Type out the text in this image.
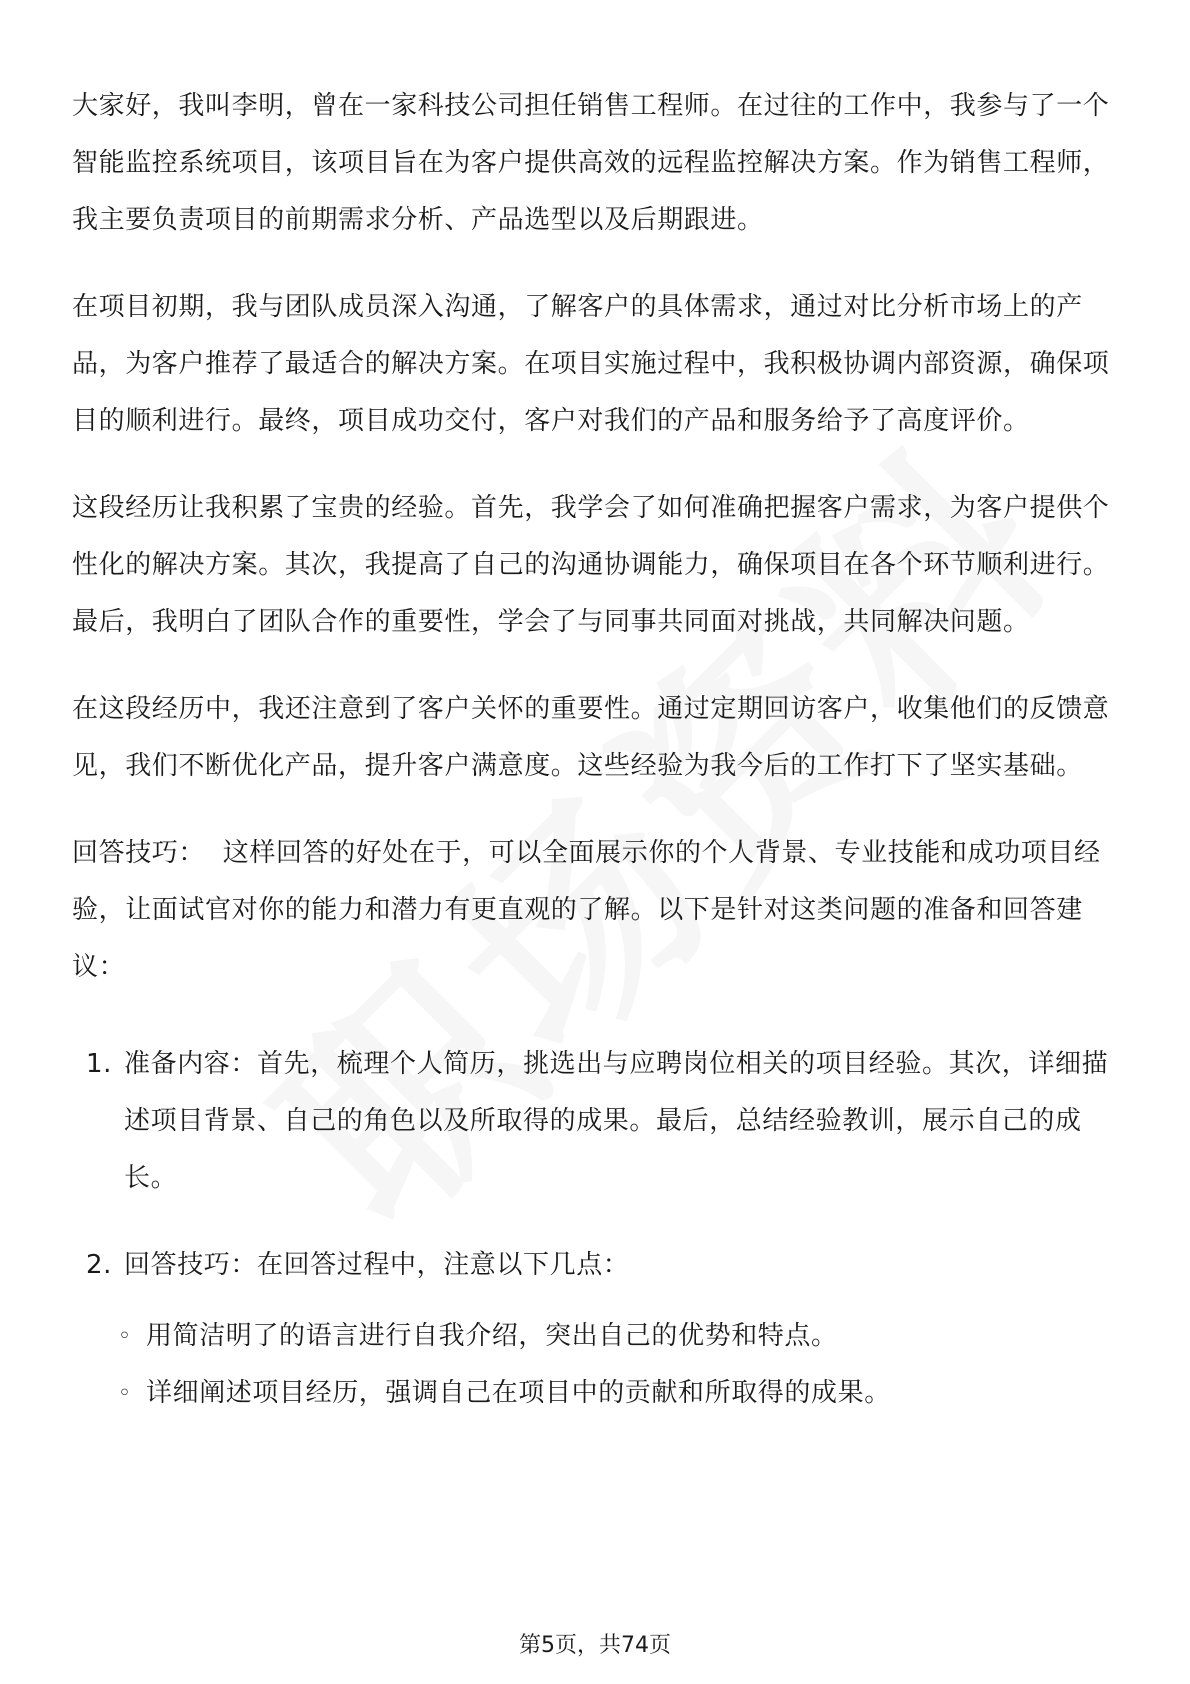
大家好，我叫李明，曾在一家科技公司担任销售工程师。在过往的工作中，我参与了一个智能监控系统项目，该项目旨在为客户提供高效的远程监控解决方案。作为销售工程师，我主要负责项目的前期需求分析、产品选型以及后期跟进。

在项目初期，我与团队成员深入沟通，了解客户的具体需求，通过对比分析市场上的产品，为客户推荐了最适合的解决方案。在项目实施过程中，我积极协调内部资源，确保项目的顺利进行。最终，项目成功交付，客户对我们的产品和服务给予了高度评价。

这段经历让我积累了宝贵的经验。首先，我学会了如何准确把握客户需求，为客户提供个性化的解决方案。其次，我提高了自己的沟通协调能力，确保项目在各个环节顺利进行。最后，我明白了团队合作的重要性，学会了与同事共同面对挑战，共同解决问题。

在这段经历中，我还注意到了客户关怀的重要性。通过定期回访客户，收集他们的反馈意见，我们不断优化产品，提升客户满意度。这些经验为我今后的工作打下了坚实基础。

回答技巧：  这样回答的好处在于，可以全面展示你的个人背景、专业技能和成功项目经验，让面试官对你的能力和潜力有更直观的了解。以下是针对这类问题的准备和回答建议：

1. 准备内容：首先，梳理个人简历，挑选出与应聘岗位相关的项目经验。其次，详细描述项目背景、自己的角色以及所取得的成果。最后，总结经验教训，展示自己的成长。
2. 回答技巧：在回答过程中，注意以下几点：
◦ 用简洁明了的语言进行自我介绍，突出自己的优势和特点。
◦ 详细阐述项目经历，强调自己在项目中的贡献和所取得的成果。
第5页，共74页
